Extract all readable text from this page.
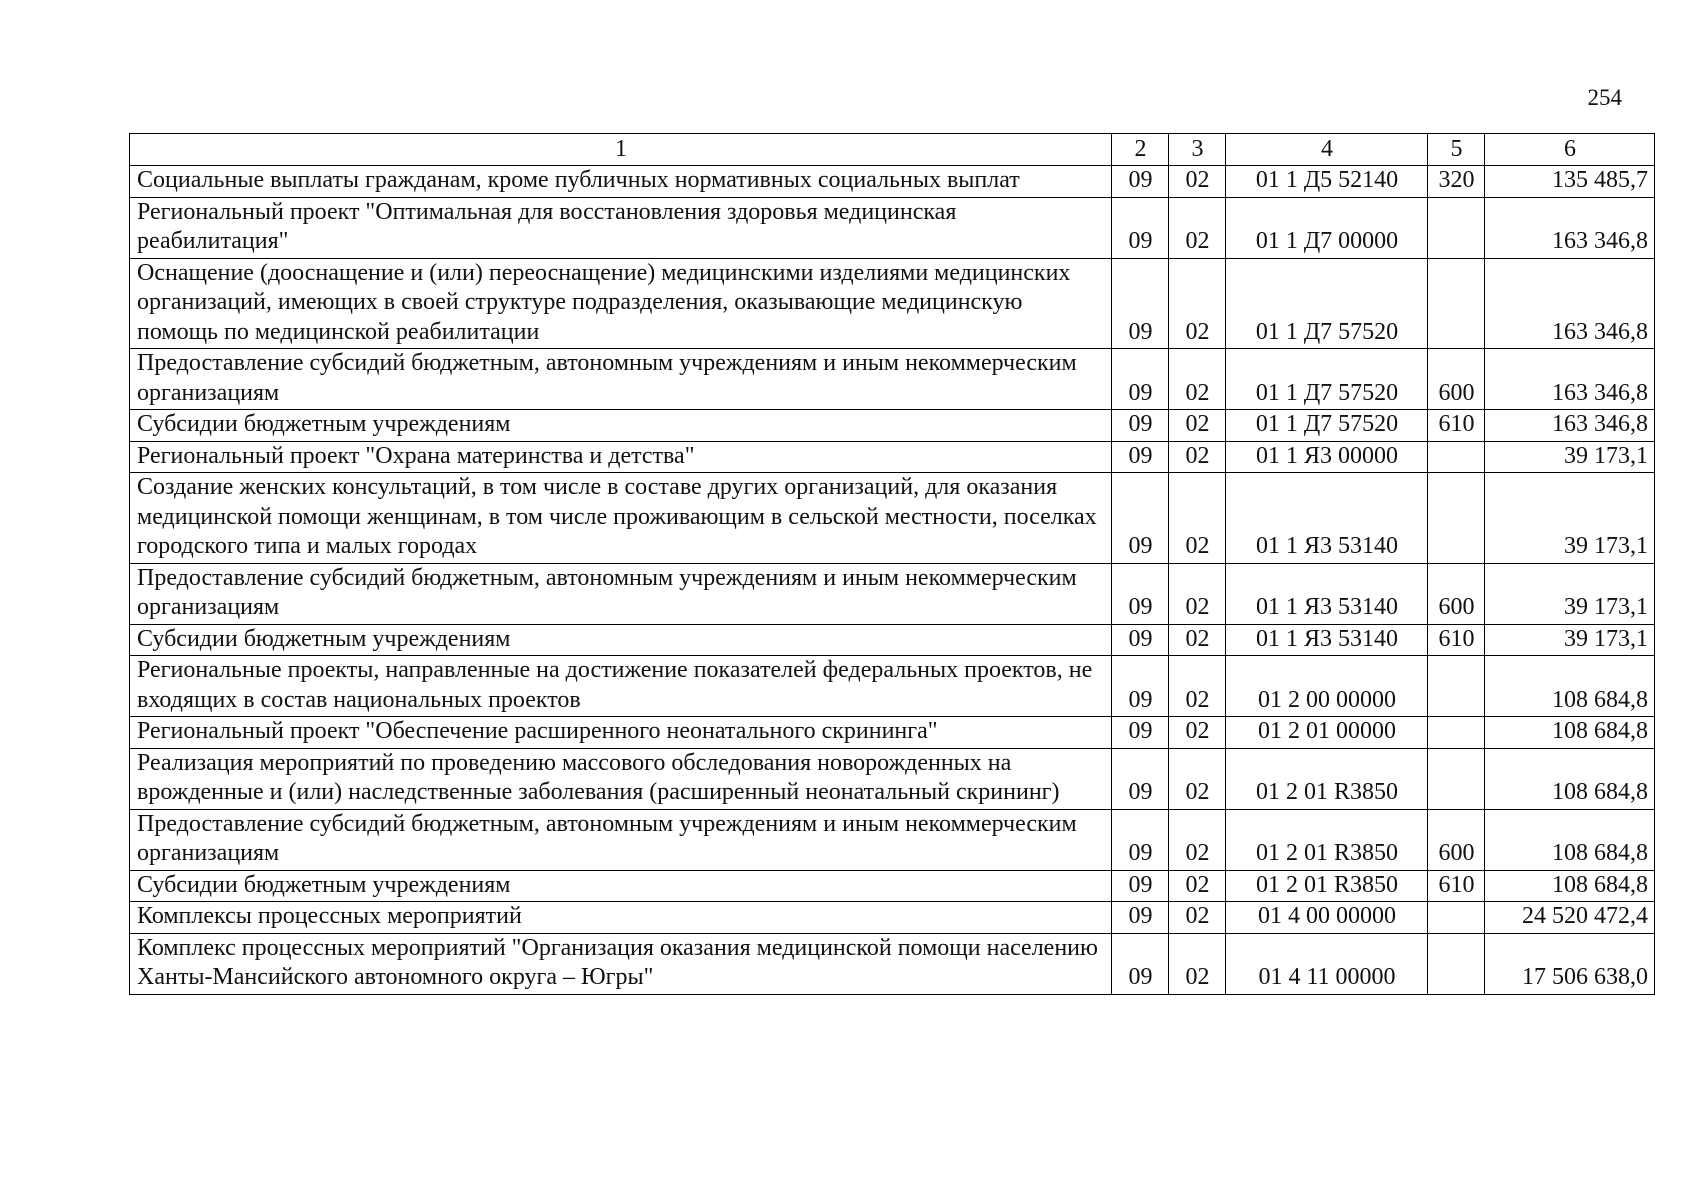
254
1	2	3	4	5	6
Социальные выплаты гражданам, кроме публичных нормативных социальных выплат	09	02	01 1 Д5 52140	320	135 485,7
Региональный проект "Оптимальная для восстановления здоровья медицинская реабилитация"	09	02	01 1 Д7 00000		163 346,8
Оснащение (дооснащение и (или) переоснащение) медицинскими изделиями медицинских организаций, имеющих в своей структуре подразделения, оказывающие медицинскую помощь по медицинской реабилитации	09	02	01 1 Д7 57520		163 346,8
Предоставление субсидий бюджетным, автономным учреждениям и иным некоммерческим организациям	09	02	01 1 Д7 57520	600	163 346,8
Субсидии бюджетным учреждениям	09	02	01 1 Д7 57520	610	163 346,8
Региональный проект "Охрана материнства и детства"	09	02	01 1 Я3 00000		39 173,1
Создание женских консультаций, в том числе в составе других организаций, для оказания медицинской помощи женщинам, в том числе проживающим в сельской местности, поселках городского типа и малых городах	09	02	01 1 Я3 53140		39 173,1
Предоставление субсидий бюджетным, автономным учреждениям и иным некоммерческим организациям	09	02	01 1 Я3 53140	600	39 173,1
Субсидии бюджетным учреждениям	09	02	01 1 Я3 53140	610	39 173,1
Региональные проекты, направленные на достижение показателей федеральных проектов, не входящих в состав национальных проектов	09	02	01 2 00 00000		108 684,8
Региональный проект "Обеспечение расширенного неонатального скрининга"	09	02	01 2 01 00000		108 684,8
Реализация мероприятий по проведению массового обследования новорожденных на врожденные и (или) наследственные заболевания (расширенный неонатальный скрининг)	09	02	01 2 01 R3850		108 684,8
Предоставление субсидий бюджетным, автономным учреждениям и иным некоммерческим организациям	09	02	01 2 01 R3850	600	108 684,8
Субсидии бюджетным учреждениям	09	02	01 2 01 R3850	610	108 684,8
Комплексы процессных мероприятий	09	02	01 4 00 00000		24 520 472,4
Комплекс процессных мероприятий "Организация оказания медицинской помощи населению Ханты-Мансийского автономного округа – Югры"	09	02	01 4 11 00000		17 506 638,0
